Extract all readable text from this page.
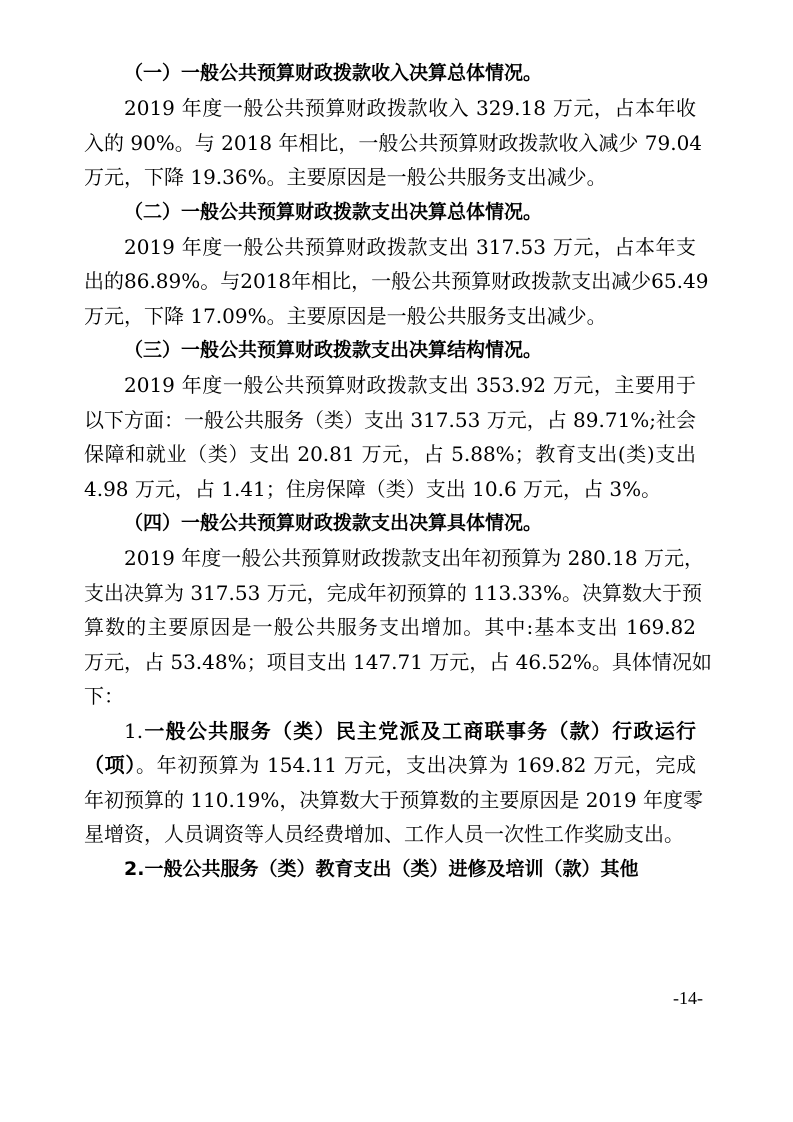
（一）一般公共预算财政拨款收入决算总体情况。
2019 年度一般公共预算财政拨款收入 329.18 万元，占本年收
入的 90%。与 2018 年相比，一般公共预算财政拨款收入减少 79.04
万元，下降 19.36%。主要原因是一般公共服务支出减少。
（二）一般公共预算财政拨款支出决算总体情况。
2019 年度一般公共预算财政拨款支出 317.53 万元，占本年支
出的86.89%。与2018年相比，一般公共预算财政拨款支出减少65.49
万元，下降 17.09%。主要原因是一般公共服务支出减少。
（三）一般公共预算财政拨款支出决算结构情况。
2019 年度一般公共预算财政拨款支出 353.92 万元，主要用于
以下方面：一般公共服务（类）支出 317.53 万元，占 89.71%;社会
保障和就业（类）支出 20.81 万元，占 5.88%；教育支出(类)支出
4.98 万元，占 1.41；住房保障（类）支出 10.6 万元，占 3%。
（四）一般公共预算财政拨款支出决算具体情况。
2019 年度一般公共预算财政拨款支出年初预算为 280.18 万元，
支出决算为 317.53 万元，完成年初预算的 113.33%。决算数大于预
算数的主要原因是一般公共服务支出增加。其中:基本支出 169.82
万元，占 53.48%；项目支出 147.71 万元，占 46.52%。具体情况如
下：
1.一般公共服务（类）民主党派及工商联事务（款）行政运行
（项）。年初预算为 154.11 万元，支出决算为 169.82 万元，完成
年初预算的 110.19%，决算数大于预算数的主要原因是 2019 年度零
星增资，人员调资等人员经费增加、工作人员一次性工作奖励支出。
2.一般公共服务（类）教育支出（类）进修及培训（款）其他
-14-
